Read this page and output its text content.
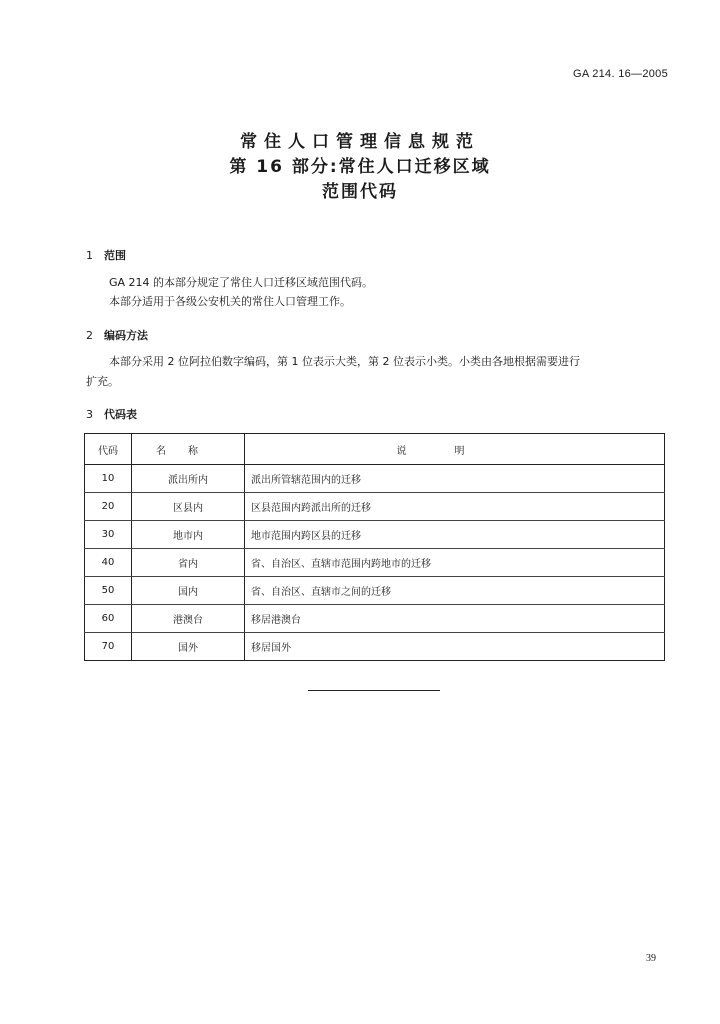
GA 214. 16—2005
常住人口管理信息规范
第 16 部分:常住人口迁移区域
范围代码
1 范围
GA 214 的本部分规定了常住人口迁移区域范围代码。
本部分适用于各级公安机关的常住人口管理工作。
2 编码方法
本部分采用 2 位阿拉伯数字编码，第 1 位表示大类，第 2 位表示小类。小类由各地根据需要进行
扩充。
3 代码表
代码	名称	说明
10	派出所内	派出所管辖范围内的迁移
20	区县内	区县范围内跨派出所的迁移
30	地市内	地市范围内跨区县的迁移
40	省内	省、自治区、直辖市范围内跨地市的迁移
50	国内	省、自治区、直辖市之间的迁移
60	港澳台	移居港澳台
70	国外	移居国外
39
